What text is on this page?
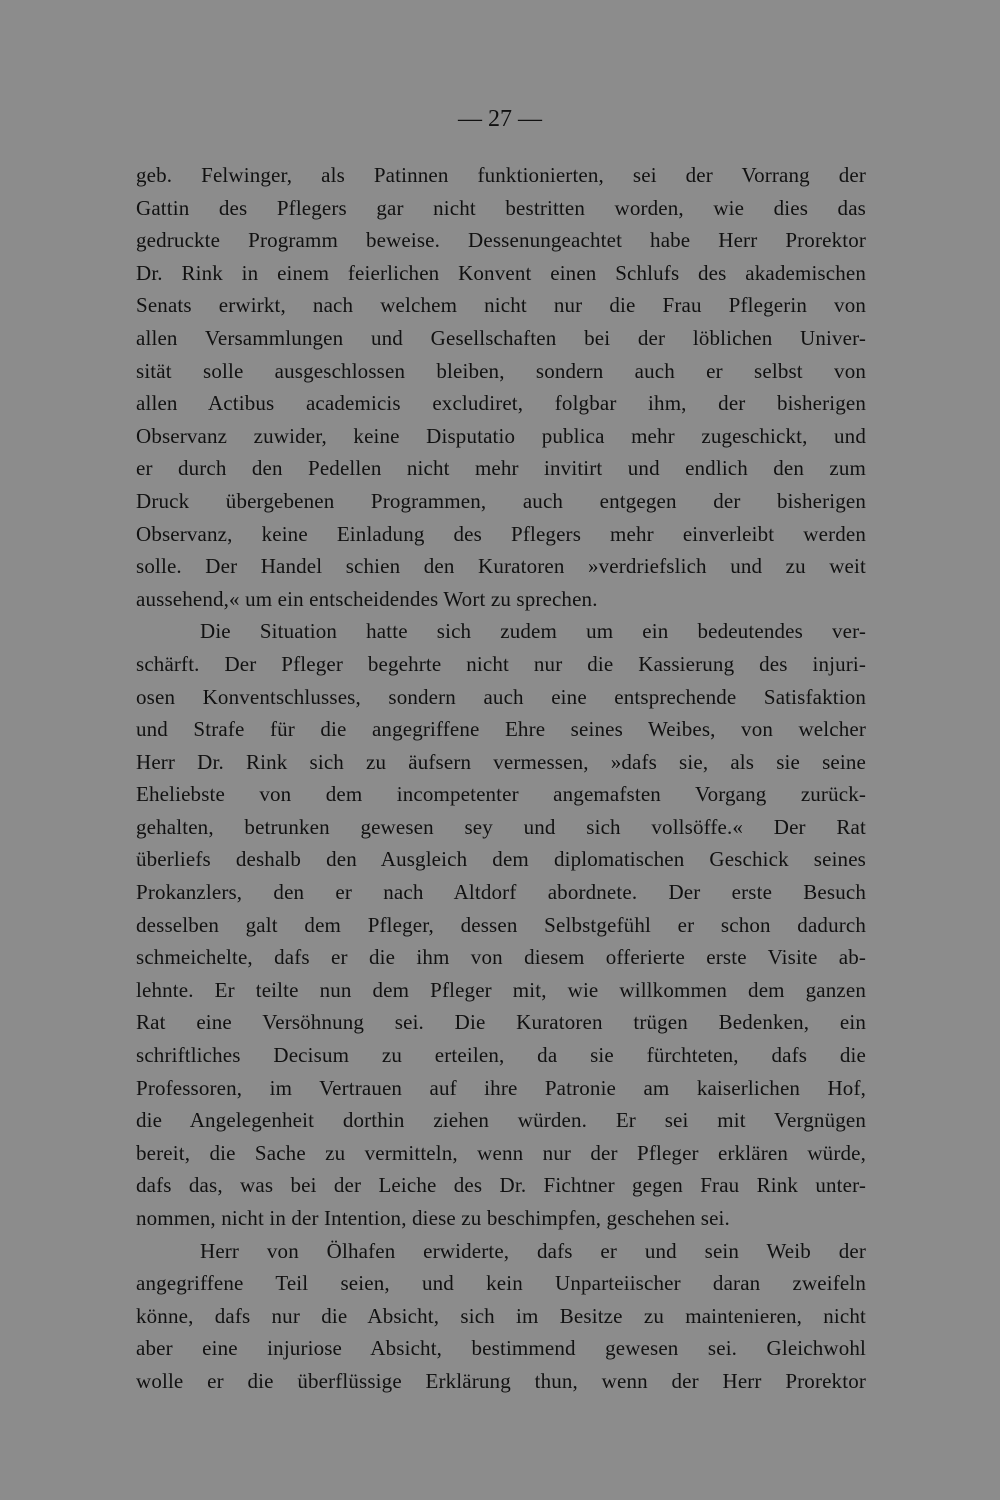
— 27 —
geb. Felwinger, als Patinnen funktionierten, sei der Vorrang der
Gattin des Pflegers gar nicht bestritten worden, wie dies das
gedruckte Programm beweise. Dessenungeachtet habe Herr Prorektor
Dr. Rink in einem feierlichen Konvent einen Schlufs des akademischen
Senats erwirkt, nach welchem nicht nur die Frau Pflegerin von
allen Versammlungen und Gesellschaften bei der löblichen Univer-
sität solle ausgeschlossen bleiben, sondern auch er selbst von
allen Actibus academicis excludiret, folgbar ihm, der bisherigen
Observanz zuwider, keine Disputatio publica mehr zugeschickt, und
er durch den Pedellen nicht mehr invitirt und endlich den zum
Druck übergebenen Programmen, auch entgegen der bisherigen
Observanz, keine Einladung des Pflegers mehr einverleibt werden
solle. Der Handel schien den Kuratoren »verdriefslich und zu weit
aussehend,« um ein entscheidendes Wort zu sprechen.
Die Situation hatte sich zudem um ein bedeutendes ver-
schärft. Der Pfleger begehrte nicht nur die Kassierung des injuri-
osen Konventschlusses, sondern auch eine entsprechende Satisfaktion
und Strafe für die angegriffene Ehre seines Weibes, von welcher
Herr Dr. Rink sich zu äufsern vermessen, »dafs sie, als sie seine
Eheliebste von dem incompetenter angemafsten Vorgang zurück-
gehalten, betrunken gewesen sey und sich vollsöffe.« Der Rat
überliefs deshalb den Ausgleich dem diplomatischen Geschick seines
Prokanzlers, den er nach Altdorf abordnete. Der erste Besuch
desselben galt dem Pfleger, dessen Selbstgefühl er schon dadurch
schmeichelte, dafs er die ihm von diesem offerierte erste Visite ab-
lehnte. Er teilte nun dem Pfleger mit, wie willkommen dem ganzen
Rat eine Versöhnung sei. Die Kuratoren trügen Bedenken, ein
schriftliches Decisum zu erteilen, da sie fürchteten, dafs die
Professoren, im Vertrauen auf ihre Patronie am kaiserlichen Hof,
die Angelegenheit dorthin ziehen würden. Er sei mit Vergnügen
bereit, die Sache zu vermitteln, wenn nur der Pfleger erklären würde,
dafs das, was bei der Leiche des Dr. Fichtner gegen Frau Rink unter-
nommen, nicht in der Intention, diese zu beschimpfen, geschehen sei.
Herr von Ölhafen erwiderte, dafs er und sein Weib der
angegriffene Teil seien, und kein Unparteiischer daran zweifeln
könne, dafs nur die Absicht, sich im Besitze zu maintenieren, nicht
aber eine injuriose Absicht, bestimmend gewesen sei. Gleichwohl
wolle er die überflüssige Erklärung thun, wenn der Herr Prorektor
